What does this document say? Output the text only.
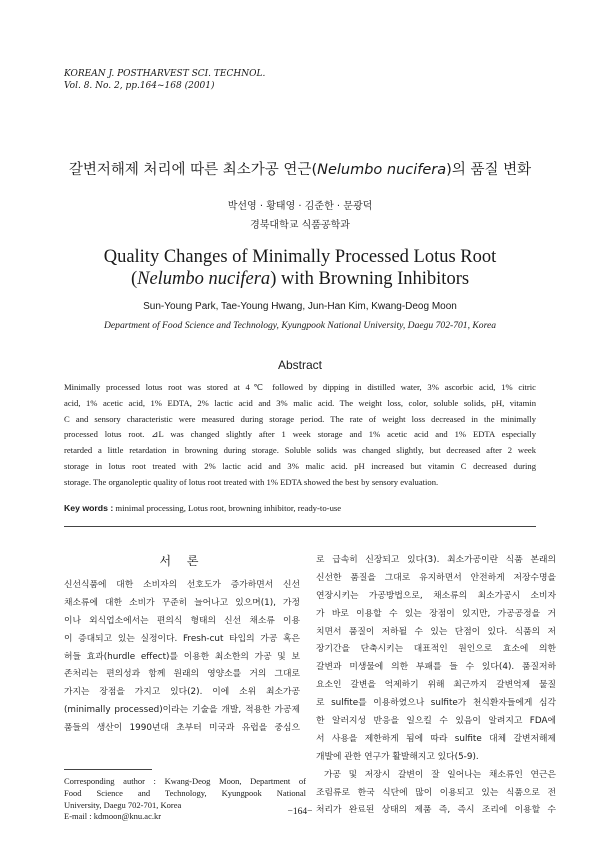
KOREAN J. POSTHARVEST SCI. TECHNOL.
Vol. 8. No. 2, pp.164~168 (2001)
갈변저해제 처리에 따른 최소가공 연근(Nelumbo nucifera)의 품질 변화
박선영 · 황태영 · 김준한 · 문광덕
경북대학교 식품공학과
Quality Changes of Minimally Processed Lotus Root
(Nelumbo nucifera) with Browning Inhibitors
Sun-Young Park, Tae-Young Hwang, Jun-Han Kim, Kwang-Deog Moon
Department of Food Science and Technology, Kyungpook National University, Daegu 702-701, Korea
Abstract
Minimally processed lotus root was stored at 4℃ followed by dipping in distilled water, 3% ascorbic acid, 1% citric
acid, 1% acetic acid, 1% EDTA, 2% lactic acid and 3% malic acid. The weight loss, color, soluble solids, pH, vitamin
C and sensory characteristic were measured during storage period. The rate of weight loss decreased in the minimally
processed lotus root. ⊿L was changed slightly after 1 week storage and 1% acetic acid and 1% EDTA especially
retarded a little retardation in browning during storage. Soluble solids was changed slightly, but decreased after 2 week
storage in lotus root treated with 2% lactic acid and 3% malic acid. pH increased but vitamin C decreased during
storage. The organoleptic quality of lotus root treated with 1% EDTA showed the best by sensory evaluation.
Key words : minimal processing, Lotus root, browning inhibitor, ready-to-use
서 론
신선식품에 대한 소비자의 선호도가 증가하면서 신선
채소류에 대한 소비가 꾸준히 늘어나고 있으며(1), 가정
이나 외식업소에서는 편의식 형태의 신선 채소류 이용
이 증대되고 있는 실정이다. Fresh-cut 타입의 가공 혹은
허들 효과(hurdle effect)를 이용한 최소한의 가공 및 보
존처리는 편의성과 함께 원래의 영양소를 거의 그대로
가지는 장점을 가지고 있다(2). 이에 소위 최소가공
(minimally processed)이라는 기술을 개발, 적용한 가공제
품들의 생산이 1990년대 초부터 미국과 유럽을 중심으
로 급속히 신장되고 있다(3). 최소가공이란 식품 본래의
신선한 품질을 그대로 유지하면서 안전하게 저장수명을
연장시키는 가공방법으로, 채소류의 최소가공시 소비자
가 바로 이용할 수 있는 장점이 있지만, 가공공정을 거
치면서 품질이 저하될 수 있는 단점이 있다. 식품의 저
장기간을 단축시키는 대표적인 원인으로 효소에 의한
갈변과 미생물에 의한 부패를 들 수 있다(4). 품질저하
요소인 갈변을 억제하기 위해 최근까지 갈변억제 물질
로 sulfite를 이용하였으나 sulfite가 천식환자들에게 심각
한 알러지성 반응을 일으킬 수 있음이 알려지고 FDA에
서 사용을 제한하게 됨에 따라 sulfite 대체 갈변저해제
개발에 관한 연구가 활발해지고 있다(5-9).
가공 및 저장시 갈변이 잘 일어나는 채소류인 연근은
조림류로 한국 식단에 많이 이용되고 있는 식품으로 전
처리가 완료된 상태의 제품 즉, 즉시 조리에 이용할 수
Corresponding author : Kwang-Deog Moon, Department of
Food Science and Technology, Kyungpook National
University, Daegu 702-701, Korea
E-mail : kdmoon@knu.ac.kr	−164−
